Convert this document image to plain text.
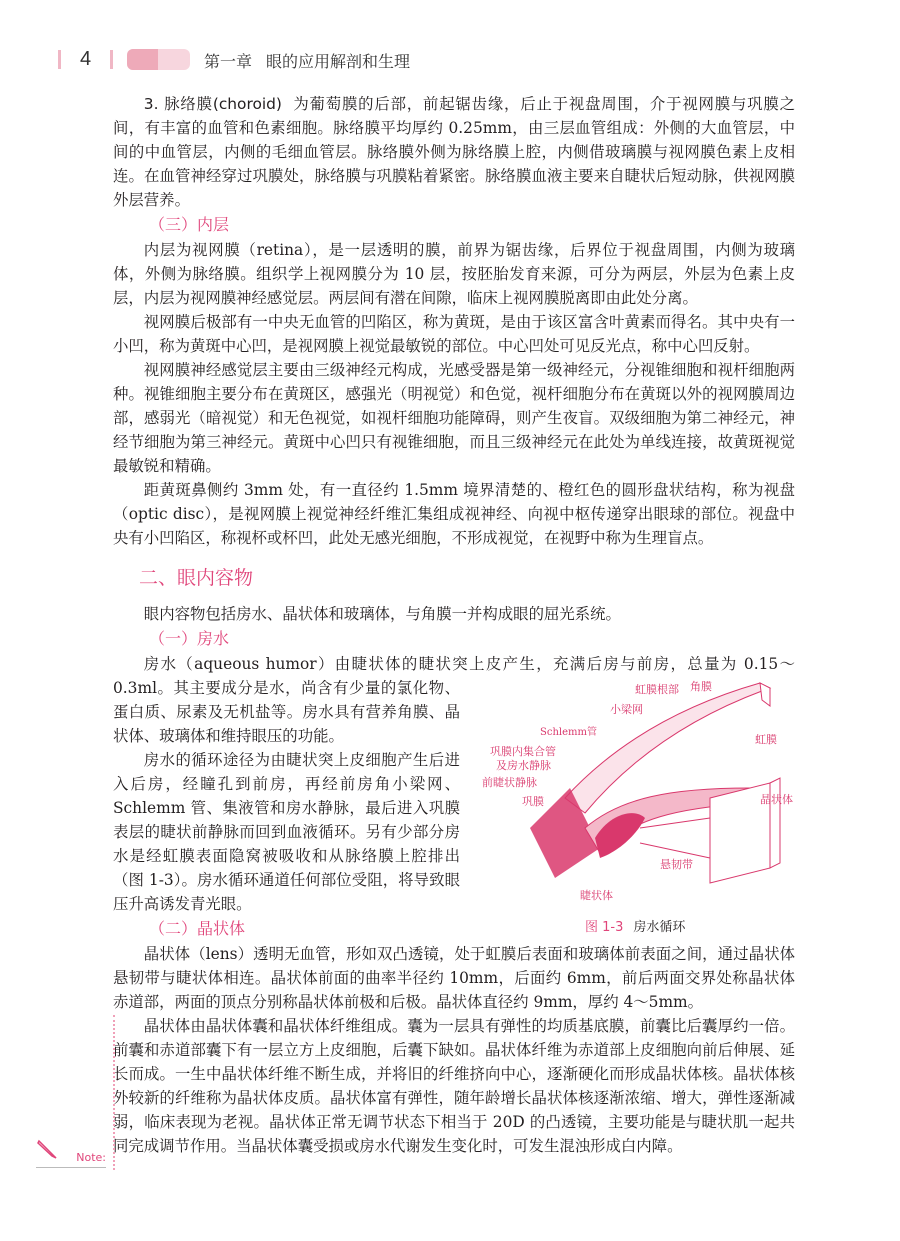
4	第一章 眼的应用解剖和生理

3. 脉络膜(choroid) 为葡萄膜的后部，前起锯齿缘，后止于视盘周围，介于视网膜与巩膜之间，有丰富的血管和色素细胞。脉络膜平均厚约 0.25mm，由三层血管组成：外侧的大血管层，中间的中血管层，内侧的毛细血管层。脉络膜外侧为脉络膜上腔，内侧借玻璃膜与视网膜色素上皮相连。在血管神经穿过巩膜处，脉络膜与巩膜粘着紧密。脉络膜血液主要来自睫状后短动脉，供视网膜外层营养。

（三）内层

内层为视网膜（retina），是一层透明的膜，前界为锯齿缘，后界位于视盘周围，内侧为玻璃体，外侧为脉络膜。组织学上视网膜分为 10 层，按胚胎发育来源，可分为两层，外层为色素上皮层，内层为视网膜神经感觉层。两层间有潜在间隙，临床上视网膜脱离即由此处分离。

视网膜后极部有一中央无血管的凹陷区，称为黄斑，是由于该区富含叶黄素而得名。其中央有一小凹，称为黄斑中心凹，是视网膜上视觉最敏锐的部位。中心凹处可见反光点，称中心凹反射。

视网膜神经感觉层主要由三级神经元构成，光感受器是第一级神经元，分视锥细胞和视杆细胞两种。视锥细胞主要分布在黄斑区，感强光（明视觉）和色觉，视杆细胞分布在黄斑以外的视网膜周边部，感弱光（暗视觉）和无色视觉，如视杆细胞功能障碍，则产生夜盲。双级细胞为第二神经元，神经节细胞为第三神经元。黄斑中心凹只有视锥细胞，而且三级神经元在此处为单线连接，故黄斑视觉最敏锐和精确。

距黄斑鼻侧约 3mm 处，有一直径约 1.5mm 境界清楚的、橙红色的圆形盘状结构，称为视盘（optic disc），是视网膜上视觉神经纤维汇集组成视神经、向视中枢传递穿出眼球的部位。视盘中央有小凹陷区，称视杯或杯凹，此处无感光细胞，不形成视觉，在视野中称为生理盲点。

二、眼内容物

眼内容物包括房水、晶状体和玻璃体，与角膜一并构成眼的屈光系统。

（一）房水
虹膜根部 角膜
小梁网
Schlemm管
虹膜
巩膜内集合管
及房水静脉
前睫状静脉
巩膜	晶状体
悬韧带
睫状体
图 1-3 房水循环

房水（aqueous humor）由睫状体的睫状突上皮产生，充满后房与前房，总量为 0.15～0.3ml。其主要成分是水，尚含有少量的氯化物、蛋白质、尿素及无机盐等。房水具有营养角膜、晶状体、玻璃体和维持眼压的功能。

房水的循环途径为由睫状突上皮细胞产生后进入后房，经瞳孔到前房，再经前房角小梁网、Schlemm 管、集液管和房水静脉，最后进入巩膜表层的睫状前静脉而回到血液循环。另有少部分房水是经虹膜表面隐窝被吸收和从脉络膜上腔排出（图 1-3）。房水循环通道任何部位受阻，将导致眼压升高诱发青光眼。

（二）晶状体

晶状体（lens）透明无血管，形如双凸透镜，处于虹膜后表面和玻璃体前表面之间，通过晶状体悬韧带与睫状体相连。晶状体前面的曲率半径约 10mm，后面约 6mm，前后两面交界处称晶状体赤道部，两面的顶点分别称晶状体前极和后极。晶状体直径约 9mm，厚约 4～5mm。

晶状体由晶状体囊和晶状体纤维组成。囊为一层具有弹性的均质基底膜，前囊比后囊厚约一倍。前囊和赤道部囊下有一层立方上皮细胞，后囊下缺如。晶状体纤维为赤道部上皮细胞向前后伸展、延长而成。一生中晶状体纤维不断生成，并将旧的纤维挤向中心，逐渐硬化而形成晶状体核。晶状体核外较新的纤维称为晶状体皮质。晶状体富有弹性，随年龄增长晶状体核逐渐浓缩、增大，弹性逐渐减弱，临床表现为老视。晶状体正常无调节状态下相当于 20D 的凸透镜，主要功能是与睫状肌一起共同完成调节作用。当晶状体囊受损或房水代谢发生变化时，可发生混浊形成白内障。

Note:
